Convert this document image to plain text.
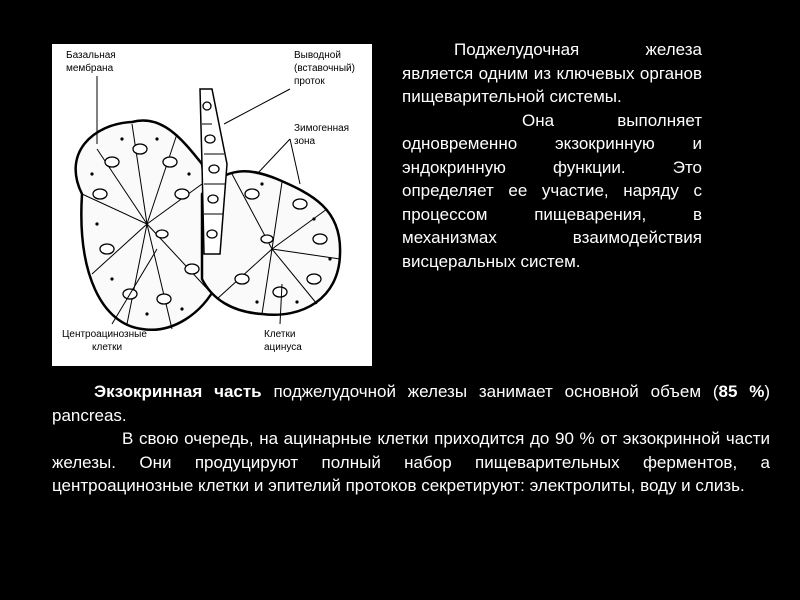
Базальная
мембрана
Выводной
(вставочный)
проток
Зимогенная
зона
Центроацинозные
клетки
Клетки
ацинуса

Поджелудочная железа является одним из ключевых органов пищеварительной системы.

Она выполняет одновременно экзокринную и эндокринную функции. Это определяет ее участие, наряду с процессом пищеварения, в механизмах взаимодействия висцеральных систем.

Экзокринная часть поджелудочной железы занимает основной объем (85 %) pancreas.

В свою очередь, на ацинарные клетки приходится до 90 % от экзокринной части железы. Они продуцируют полный набор пищеварительных ферментов, а центроацинозные клетки и эпителий протоков секретируют: электролиты, воду и слизь.
